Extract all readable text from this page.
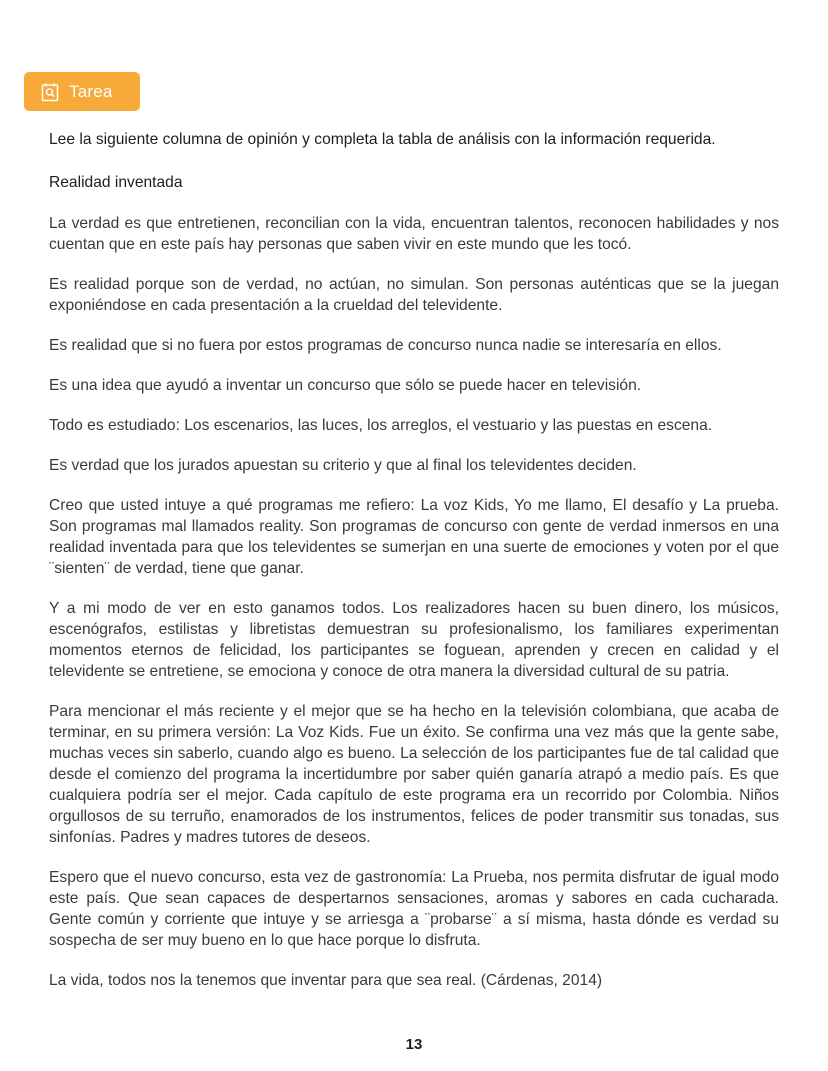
Tarea

Lee la siguiente columna de opinión y completa la tabla de análisis con la información requerida.

Realidad inventada

La verdad es que entretienen, reconcilian con la vida, encuentran talentos, reconocen habilidades y nos cuentan que en este país hay personas que saben vivir en este mundo que les tocó.

Es realidad porque son de verdad, no actúan, no simulan. Son personas auténticas que se la juegan exponiéndose en cada presentación a la crueldad del televidente.

Es realidad que si no fuera por estos programas de concurso nunca nadie se interesaría en ellos.

Es una idea que ayudó a inventar un concurso que sólo se puede hacer en televisión.

Todo es estudiado: Los escenarios, las luces, los arreglos, el vestuario y las puestas en escena.

Es verdad que los jurados apuestan su criterio y que al final los televidentes deciden.

Creo que usted intuye a qué programas me refiero: La voz Kids, Yo me llamo, El desafío y La prueba. Son programas mal llamados reality. Son programas de concurso con gente de verdad inmersos en una realidad inventada para que los televidentes se sumerjan en una suerte de emociones y voten por el que ¨sienten¨ de verdad, tiene que ganar.

Y a mi modo de ver en esto ganamos todos. Los realizadores hacen su buen dinero, los músicos, escenógrafos, estilistas y libretistas demuestran su profesionalismo, los familiares experimentan momentos eternos de felicidad, los participantes se foguean, aprenden y crecen en calidad y el televidente se entretiene, se emociona y conoce de otra manera la diversidad cultural de su patria.

Para mencionar el más reciente y el mejor que se ha hecho en la televisión colombiana, que acaba de terminar, en su primera versión: La Voz Kids. Fue un éxito. Se confirma una vez más que la gente sabe, muchas veces sin saberlo, cuando algo es bueno. La selección de los participantes fue de tal calidad que desde el comienzo del programa la incertidumbre por saber quién ganaría atrapó a medio país. Es que cualquiera podría ser el mejor. Cada capítulo de este programa era un recorrido por Colombia. Niños orgullosos de su terruño, enamorados de los instrumentos, felices de poder transmitir sus tonadas, sus sinfonías. Padres y madres tutores de deseos.

Espero que el nuevo concurso, esta vez de gastronomía: La Prueba, nos permita disfrutar de igual modo este país. Que sean capaces de despertarnos sensaciones, aromas y sabores en cada cucharada. Gente común y corriente que intuye y se arriesga a ¨probarse¨ a sí misma, hasta dónde es verdad su sospecha de ser muy bueno en lo que hace porque lo disfruta.

La vida, todos nos la tenemos que inventar para que sea real. (Cárdenas, 2014)

13
